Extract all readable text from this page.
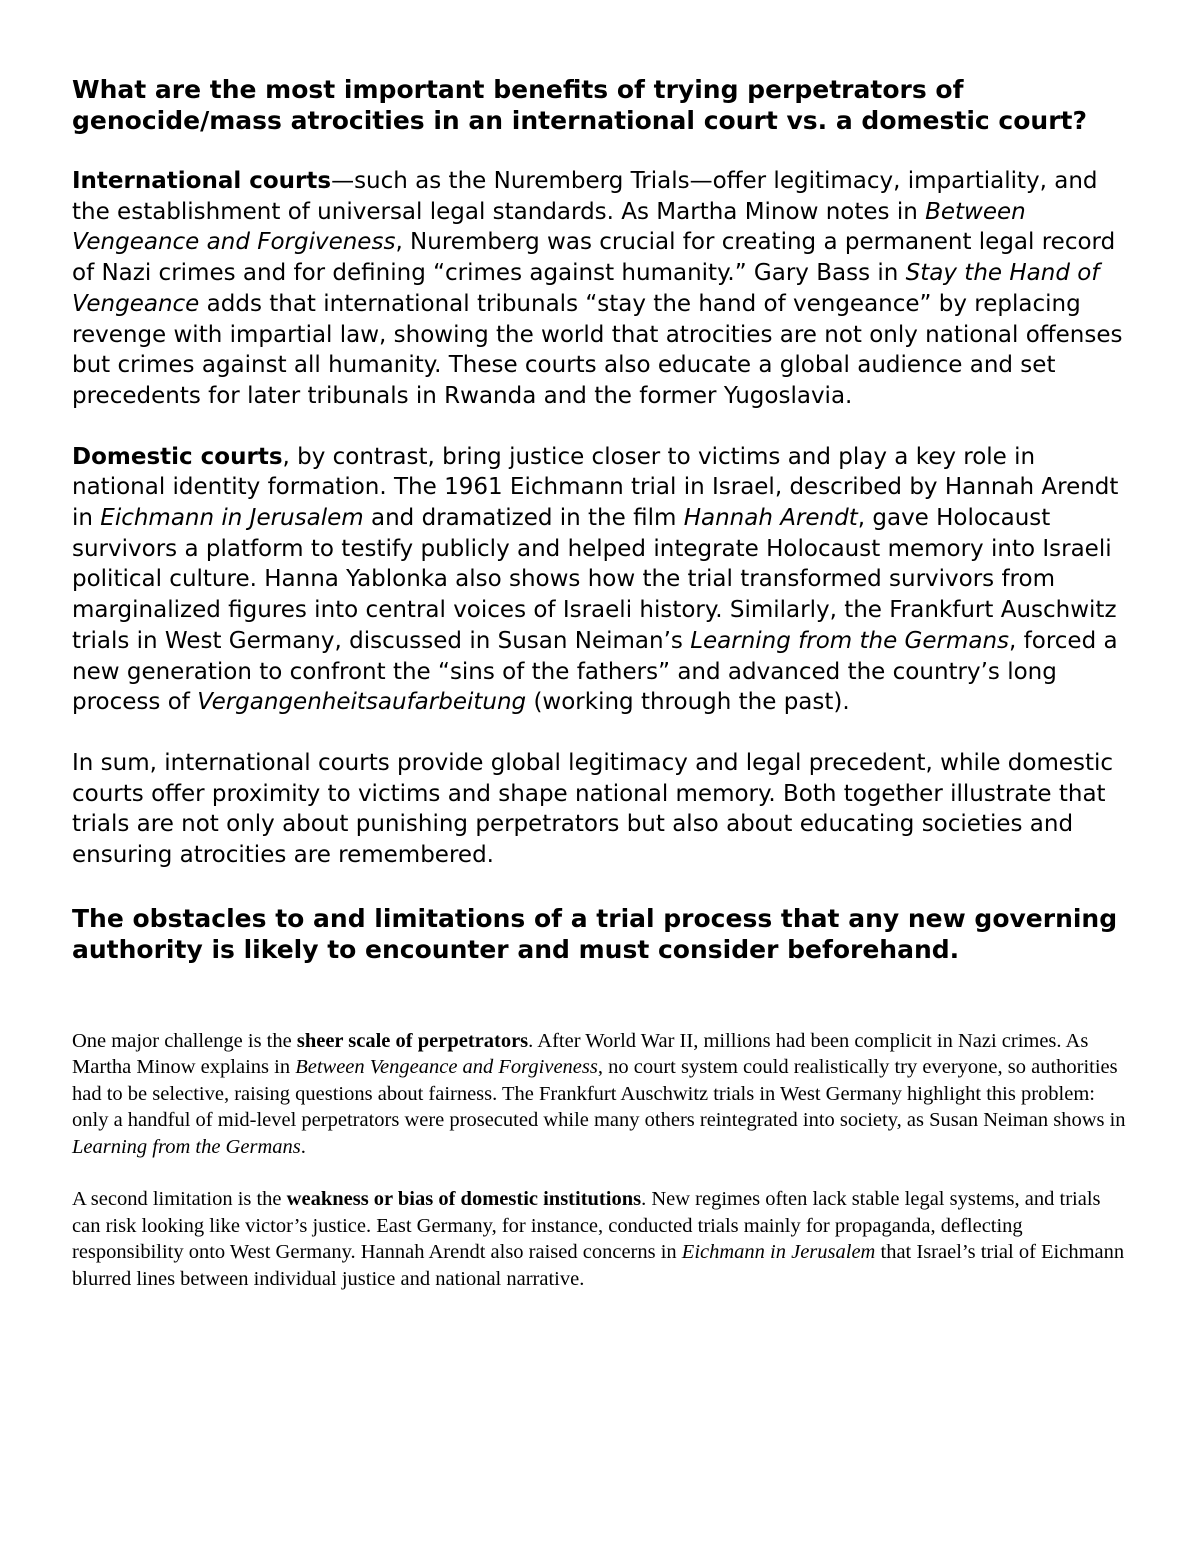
What are the most important benefits of trying perpetrators of genocide/mass atrocities in an international court vs. a domestic court?

International courts—such as the Nuremberg Trials—offer legitimacy, impartiality, and the establishment of universal legal standards. As Martha Minow notes in Between Vengeance and Forgiveness, Nuremberg was crucial for creating a permanent legal record of Nazi crimes and for defining “crimes against humanity.” Gary Bass in Stay the Hand of Vengeance adds that international tribunals “stay the hand of vengeance” by replacing revenge with impartial law, showing the world that atrocities are not only national offenses but crimes against all humanity. These courts also educate a global audience and set precedents for later tribunals in Rwanda and the former Yugoslavia.

Domestic courts, by contrast, bring justice closer to victims and play a key role in national identity formation. The 1961 Eichmann trial in Israel, described by Hannah Arendt in Eichmann in Jerusalem and dramatized in the film Hannah Arendt, gave Holocaust survivors a platform to testify publicly and helped integrate Holocaust memory into Israeli political culture. Hanna Yablonka also shows how the trial transformed survivors from marginalized figures into central voices of Israeli history. Similarly, the Frankfurt Auschwitz trials in West Germany, discussed in Susan Neiman’s Learning from the Germans, forced a new generation to confront the “sins of the fathers” and advanced the country’s long process of Vergangenheitsaufarbeitung (working through the past).

In sum, international courts provide global legitimacy and legal precedent, while domestic courts offer proximity to victims and shape national memory. Both together illustrate that trials are not only about punishing perpetrators but also about educating societies and ensuring atrocities are remembered.

The obstacles to and limitations of a trial process that any new governing authority is likely to encounter and must consider beforehand.

One major challenge is the sheer scale of perpetrators. After World War II, millions had been complicit in Nazi crimes. As Martha Minow explains in Between Vengeance and Forgiveness, no court system could realistically try everyone, so authorities had to be selective, raising questions about fairness. The Frankfurt Auschwitz trials in West Germany highlight this problem: only a handful of mid-level perpetrators were prosecuted while many others reintegrated into society, as Susan Neiman shows in Learning from the Germans.

A second limitation is the weakness or bias of domestic institutions. New regimes often lack stable legal systems, and trials can risk looking like victor’s justice. East Germany, for instance, conducted trials mainly for propaganda, deflecting responsibility onto West Germany. Hannah Arendt also raised concerns in Eichmann in Jerusalem that Israel’s trial of Eichmann blurred lines between individual justice and national narrative.
